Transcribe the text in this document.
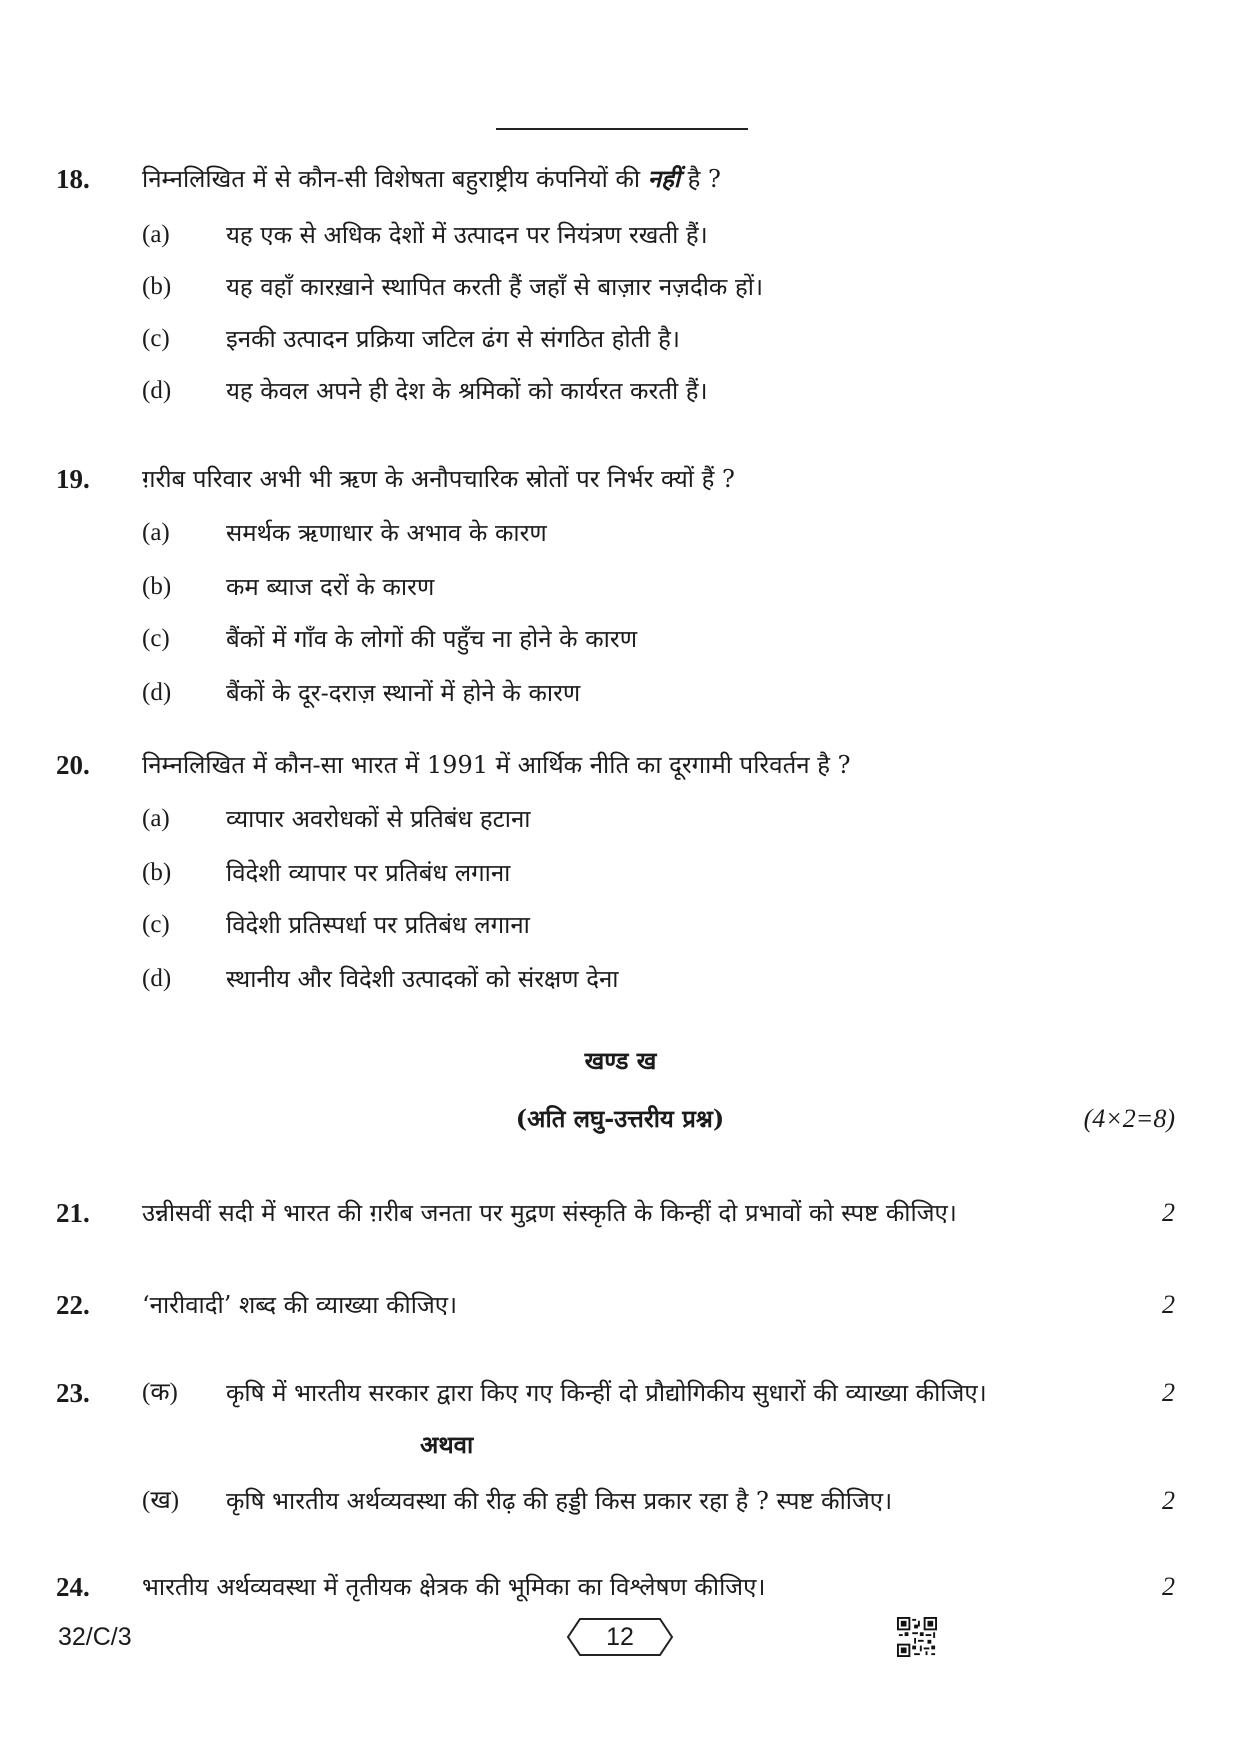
18. निम्नलिखित में से कौन-सी विशेषता बहुराष्ट्रीय कंपनियों की नहीं है ?
(a) यह एक से अधिक देशों में उत्पादन पर नियंत्रण रखती हैं।
(b) यह वहाँ कारख़ाने स्थापित करती हैं जहाँ से बाज़ार नज़दीक हों।
(c) इनकी उत्पादन प्रक्रिया जटिल ढंग से संगठित होती है।
(d) यह केवल अपने ही देश के श्रमिकों को कार्यरत करती हैं।
19. ग़रीब परिवार अभी भी ऋण के अनौपचारिक स्रोतों पर निर्भर क्यों हैं ?
(a) समर्थक ऋणाधार के अभाव के कारण
(b) कम ब्याज दरों के कारण
(c) बैंकों में गाँव के लोगों की पहुँच ना होने के कारण
(d) बैंकों के दूर-दराज़ स्थानों में होने के कारण
20. निम्नलिखित में कौन-सा भारत में 1991 में आर्थिक नीति का दूरगामी परिवर्तन है ?
(a) व्यापार अवरोधकों से प्रतिबंध हटाना
(b) विदेशी व्यापार पर प्रतिबंध लगाना
(c) विदेशी प्रतिस्पर्धा पर प्रतिबंध लगाना
(d) स्थानीय और विदेशी उत्पादकों को संरक्षण देना
खण्ड ख
(अति लघु-उत्तरीय प्रश्न)	(4×2=8)
21. उन्नीसवीं सदी में भारत की ग़रीब जनता पर मुद्रण संस्कृति के किन्हीं दो प्रभावों को स्पष्ट कीजिए।	2
22. ‘नारीवादी’ शब्द की व्याख्या कीजिए।	2
23. (क) कृषि में भारतीय सरकार द्वारा किए गए किन्हीं दो प्रौद्योगिकीय सुधारों की व्याख्या कीजिए।	2
अथवा
(ख) कृषि भारतीय अर्थव्यवस्था की रीढ़ की हड्डी किस प्रकार रहा है ? स्पष्ट कीजिए।	2
24. भारतीय अर्थव्यवस्था में तृतीयक क्षेत्रक की भूमिका का विश्लेषण कीजिए।	2
32/C/3	12
